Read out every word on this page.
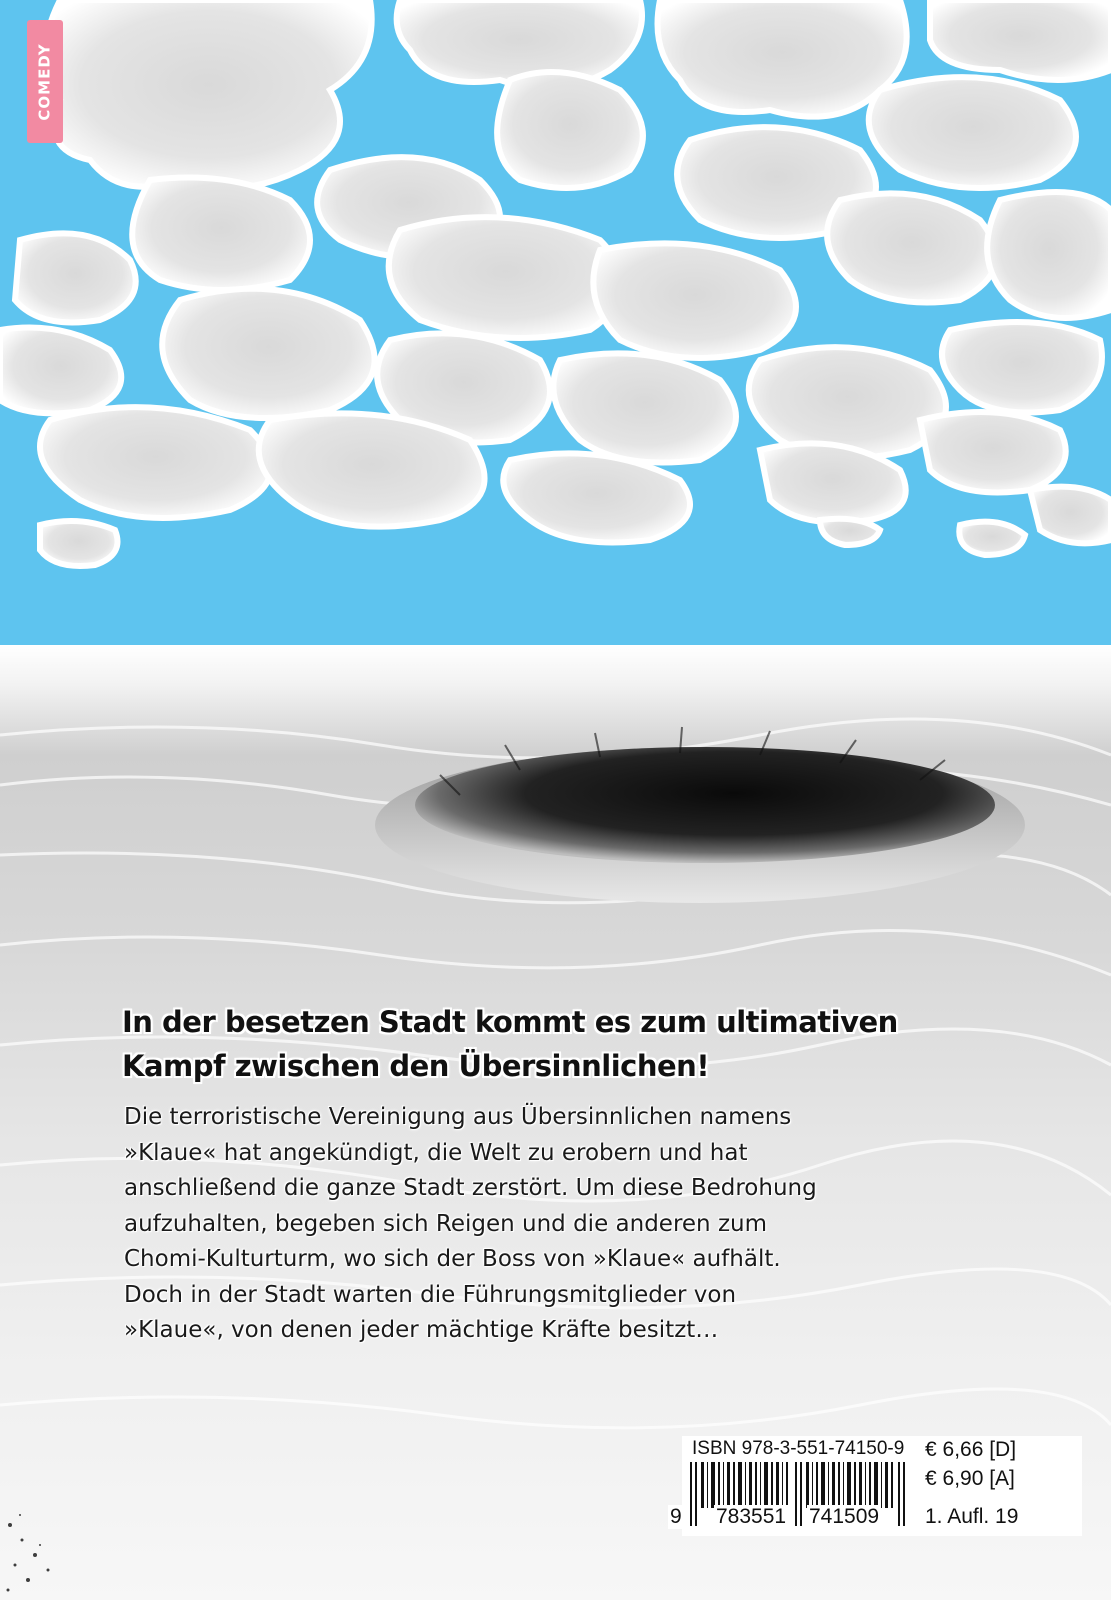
COMEDY

In der besetzen Stadt kommt es zum ultimativen
Kampf zwischen den Übersinnlichen!

Die terroristische Vereinigung aus Übersinnlichen namens
»Klaue« hat angekündigt, die Welt zu erobern und hat
anschließend die ganze Stadt zerstört. Um diese Bedrohung
aufzuhalten, begeben sich Reigen und die anderen zum
Chomi-Kulturturm, wo sich der Boss von »Klaue« aufhält.
Doch in der Stadt warten die Führungsmitglieder von
»Klaue«, von denen jeder mächtige Kräfte besitzt…

ISBN 978-3-551-74150-9 € 6,66 [D]
€ 6,90 [A]
1. Aufl. 19
9 783551 741509
